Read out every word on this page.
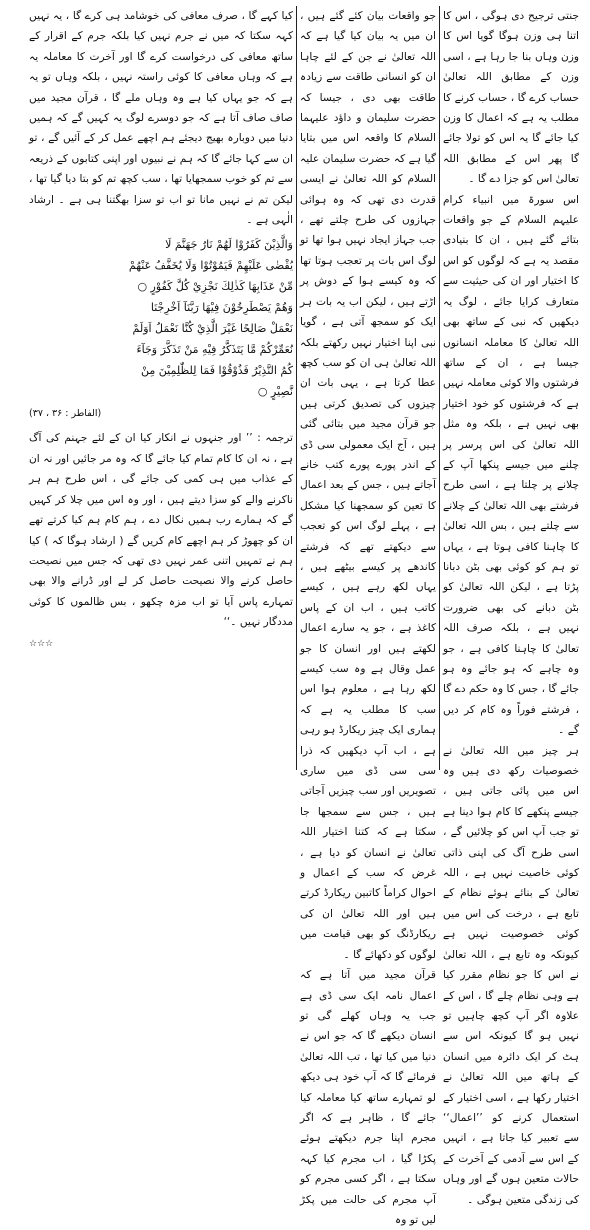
جنتی ترجیح دی ہوگی ، اس کا اتنا ہی وزن ہوگا گویا اس کا وزن وہاں بنا جا رہا ہے ، اسی وزن کے مطابق اللہ تعالیٰ حساب کرے گا ، حساب کرنے کا مطلب یہ ہے کہ اعمال کا وزن کیا جائے گا یہ اس کو تولا جائے گا پھر اس کے مطابق اللہ تعالیٰ اس کو جزا دے گا ۔

اس سورۃ میں انبیاء کرام علیہم السلام کے جو واقعات بتائے گئے ہیں ، ان کا بنیادی مقصد یہ ہے کہ لوگوں کو اس کا اختیار اور ان کی حیثیت سے متعارف کرایا جائے ، لوگ یہ دیکھیں کہ نبی کے ساتھ بھی اللہ تعالیٰ کا معاملہ انسانوں جیسا ہے ، ان کے ساتھ فرشتوں والا کوئی معاملہ نہیں ہے کہ فرشتوں کو خود اختیار بھی نہیں ہے ، بلکہ وہ مثل اللہ تعالیٰ کی اس پرسر پر چلنے میں جیسے پنکھا آپ کے چلانے پر چلتا ہے ، اسی طرح فرشتے بھی اللہ تعالیٰ کے چلانے سے چلتے ہیں ، بس اللہ تعالیٰ کا چاہنا کافی ہوتا ہے ، یہاں تو ہم کو کوئی بھی بٹن دبانا پڑتا ہے ، لیکن اللہ تعالیٰ کو بٹن دبانے کی بھی ضرورت نہیں ہے ، بلکہ صرف اللہ تعالیٰ کا چاہنا کافی ہے ، جو وہ چاہے کہ ہو جائے وہ ہو جائے گا ، جس کا وہ حکم دے گا ، فرشتے فوراً وہ کام کر دیں گے ۔

ہر چیز میں اللہ تعالیٰ نے خصوصیات رکھ دی ہیں وہ اس میں پائی جاتی ہیں ، جیسے پنکھے کا کام ہوا دینا ہے تو جب آپ اس کو چلائیں گے ، اسی طرح آگ کی اپنی ذاتی کوئی خاصیت نہیں ہے ، اللہ تعالیٰ کے بنائے ہوئے نظام کے تابع ہے ، درخت کی اس میں کوئی خصوصیت نہیں ہے کیونکہ وہ تابع ہے ، اللہ تعالیٰ نے اس کا جو نظام مقرر کیا ہے وہی نظام چلے گا ، اس کے علاوہ اگر آپ کچھ چاہیں تو نہیں ہو گا کیونکہ اس سے ہٹ کر ایک دائرہ میں انسان کے ہاتھ میں اللہ تعالیٰ نے اختیار رکھا ہے ، اسی اختیار کے استعمال کرنے کو ’’اعمال‘‘ سے تعبیر کیا جاتا ہے ، انہیں کے اس سے آدمی کے آخرت کے حالات متعین ہوں گے اور وہاں کی زندگی متعین ہوگی ۔

جو واقعات بیان کئے گئے ہیں ، ان میں یہ بیان کیا گیا ہے کہ اللہ تعالیٰ نے جن کے لئے چاہا ان کو انسانی طاقت سے زیادہ طاقت بھی دی ، جیسا کہ حضرت سلیمان و داؤد علیہما السلام کا واقعہ اس میں بتایا گیا ہے کہ حضرت سلیمان علیہ السلام کو اللہ تعالیٰ نے ایسی قدرت دی تھی کہ وہ ہوائی جہازوں کی طرح چلتے تھے ، جب جہاز ایجاد نہیں ہوا تھا تو لوگ اس بات پر تعجب ہوتا تھا کہ وہ کیسے ہوا کے دوش پر اڑتے ہیں ، لیکن اب یہ بات ہر ایک کو سمجھ آتی ہے ، گویا نبی اپنا اختیار نہیں رکھتے بلکہ اللہ تعالیٰ ہی ان کو سب کچھ عطا کرتا ہے ، یہی بات ان چیزوں کی تصدیق کرتی ہیں جو قرآن مجید میں بتائی گئی ہیں ، آج ایک معمولی سی ڈی کے اندر پورے پورے کتب خانے آجاتے ہیں ، جس کے بعد اعمال کا تعین کو سمجھنا کیا مشکل ہے ، پہلے لوگ اس کو تعجب سے دیکھتے تھے کہ فرشتے کاندھے پر کیسے بیٹھے ہیں ، یہاں لکھ رہے ہیں ، کیسے کاتب ہیں ، اب ان کے پاس کاغذ ہے ، جو یہ سارے اعمال لکھتے ہیں اور انسان کا جو عمل وقال ہے وہ سب کیسے لکھ رہا ہے ، معلوم ہوا اس سب کا مطلب یہ ہے کہ ہماری ایک چیز ریکارڈ ہو رہی ہے ، اب آپ دیکھیں کہ ذرا سی سی ڈی میں ساری تصویریں اور سب چیزیں آجاتی ہیں ، جس سے سمجھا جا سکتا ہے کہ کتنا اختیار اللہ تعالیٰ نے انسان کو دیا ہے ، غرض کہ سب کے اعمال و احوال کراماً کاتبین ریکارڈ کرتے ہیں اور اللہ تعالیٰ ان کی ریکارڈنگ کو بھی قیامت میں لوگوں کو دکھائے گا ۔

قرآن مجید میں آتا ہے کہ اعمال نامہ ایک سی ڈی ہے جب یہ وہاں کھلے گی تو انسان دیکھے گا کہ جو اس نے دنیا میں کیا تھا ، تب اللہ تعالیٰ فرمائے گا کہ آپ خود ہی دیکھ لو تمہارے ساتھ کیا معاملہ کیا جائے گا ، ظاہر ہے کہ اگر مجرم اپنا جرم دیکھتے ہوئے پکڑا گیا ، اب مجرم کیا کہہ سکتا ہے ، اگر کسی مجرم کو آپ مجرم کی حالت میں پکڑ لیں تو وہ

کیا کہے گا ، صرف معافی کی خوشامد ہی کرے گا ، یہ نہیں کہہ سکتا کہ میں نے جرم نہیں کیا بلکہ جرم کے اقرار کے ساتھ معافی کی درخواست کرے گا اور آخرت کا معاملہ یہ ہے کہ وہاں معافی کا کوئی راستہ نہیں ، بلکہ وہاں تو یہ ہے کہ جو یہاں کیا ہے وہ وہاں ملے گا ، قرآن مجید میں صاف صاف آتا ہے کہ جو دوسرے لوگ یہ کہیں گے کہ ہمیں دنیا میں دوبارہ بھیج دیجئے ہم اچھے عمل کر کے آئیں گے ، تو ان سے کہا جائے گا کہ ہم نے نبیوں اور اپنی کتابوں کے ذریعہ سے تم کو خوب سمجھایا تھا ، سب کچھ تم کو بتا دیا گیا تھا ، لیکن تم نے نہیں مانا تو اب تو سزا بھگتنا ہی ہے ۔ ارشاد الٰہی ہے ۔

وَالَّذِيْنَ كَفَرُوْا لَهُمْ نَارُ جَهَنَّمَ لَا
يُقْضٰى عَلَيْهِمْ فَيَمُوْتُوْا وَلَا يُخَفَّفُ عَنْهُمْ
مِّنْ عَذَابِهَا كَذٰلِكَ نَجْزِيْ كُلَّ كَفُوْرٍ ○
وَهُمْ يَصْطَرِخُوْنَ فِيْهَا رَبَّنَآ اَخْرِجْنَا
نَعْمَلْ صَالِحًا غَيْرَ الَّذِيْ كُنَّا نَعْمَلُ اَوَلَمْ
نُعَمِّرْكُمْ مَّا يَتَذَكَّرُ فِيْهِ مَنْ تَذَكَّرَ وَجَآءَ
كُمُ النَّذِيْرُ فَذُوْقُوْا فَمَا لِلظّٰلِمِيْنَ مِنْ
نَّصِيْرٍ ○
(الفاطر : ۳۶ ، ۳۷)

ترجمہ : ’’ اور جنہوں نے انکار کیا ان کے لئے جہنم کی آگ ہے ، نہ ان کا کام تمام کیا جائے گا کہ وہ مر جائیں اور نہ ان کے عذاب میں ہی کمی کی جائے گی ، اس طرح ہم ہر ناکرنے والے کو سزا دیتے ہیں ، اور وہ اس میں چلا کر کہیں گے کہ ہمارے رب ہمیں نکال دے ، ہم کام ہم کیا کرتے تھے ان کو چھوڑ کر ہم اچھے کام کریں گے ( ارشاد ہوگا کہ ) کیا ہم نے تمہیں اتنی عمر نہیں دی تھی کہ جس میں نصیحت حاصل کرنے والا نصیحت حاصل کر لے اور ڈرانے والا بھی تمہارے پاس آیا تو اب مزہ چکھو ، بس ظالموں کا کوئی مددگار نہیں ۔‘‘

☆☆☆
